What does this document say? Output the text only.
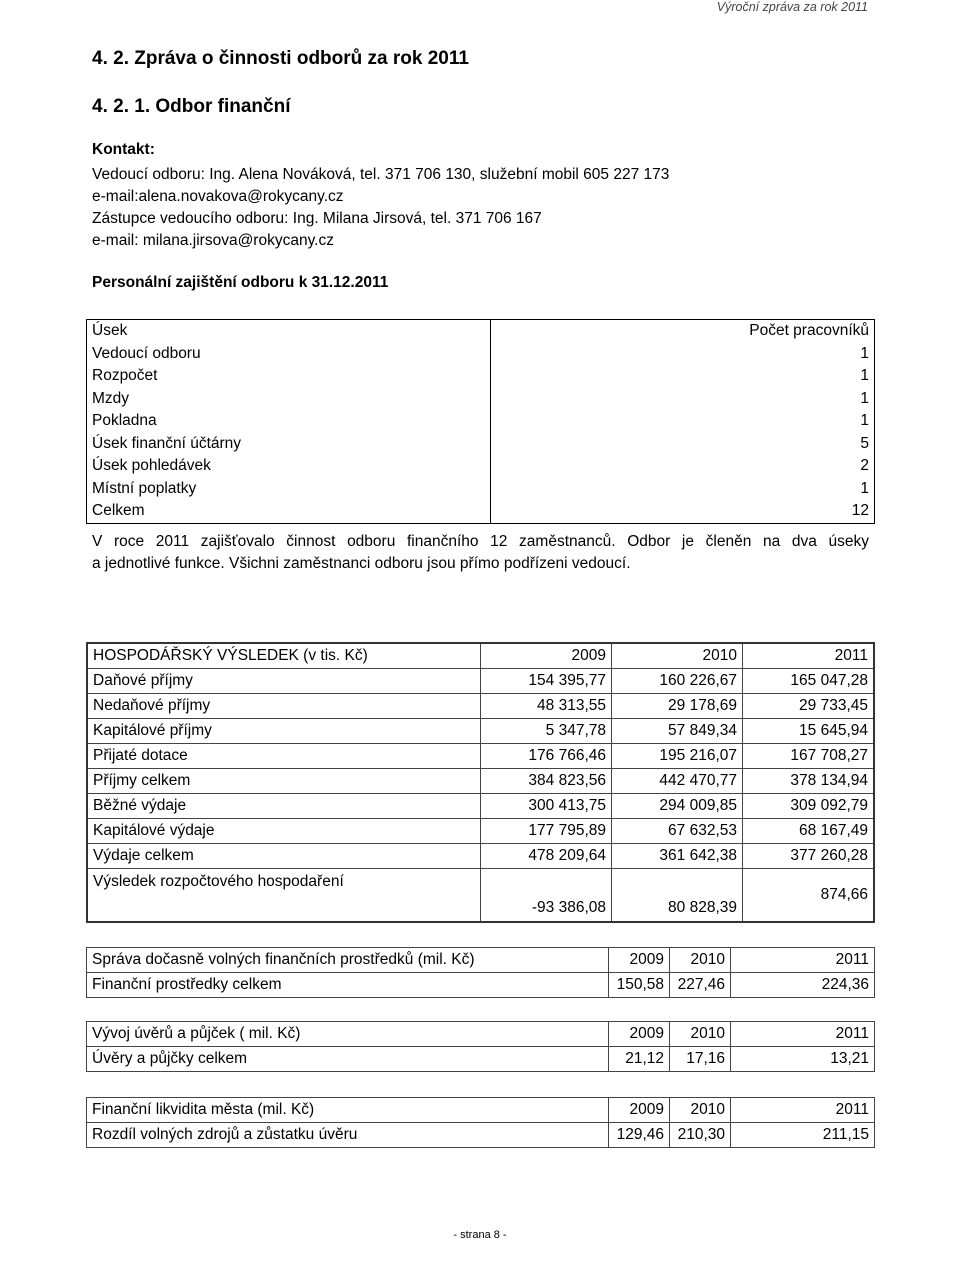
Výroční zpráva za rok 2011
4. 2. Zpráva o činnosti odborů za rok 2011
4. 2. 1. Odbor finanční
Kontakt:
Vedoucí odboru: Ing. Alena Nováková, tel. 371 706 130, služební mobil 605 227 173
e-mail:alena.novakova@rokycany.cz
Zástupce vedoucího odboru: Ing. Milana Jirsová, tel. 371 706 167
e-mail: milana.jirsova@rokycany.cz
Personální zajištění odboru k 31.12.2011
Úsek	Počet pracovníků
Vedoucí odboru	1
Rozpočet	1
Mzdy	1
Pokladna	1
Úsek finanční účtárny	5
Úsek pohledávek	2
Místní poplatky	1
Celkem	12
V roce 2011 zajišťovalo činnost odboru finančního 12 zaměstnanců. Odbor je členěn na dva úseky
a jednotlivé funkce. Všichni zaměstnanci odboru jsou přímo podřízeni vedoucí.
HOSPODÁŘSKÝ VÝSLEDEK (v tis. Kč)	2009	2010	2011
Daňové příjmy	154 395,77	160 226,67	165 047,28
Nedaňové příjmy	48 313,55	29 178,69	29 733,45
Kapitálové příjmy	5 347,78	57 849,34	15 645,94
Přijaté dotace	176 766,46	195 216,07	167 708,27
Příjmy celkem	384 823,56	442 470,77	378 134,94
Běžné výdaje	300 413,75	294 009,85	309 092,79
Kapitálové výdaje	177 795,89	67 632,53	68 167,49
Výdaje celkem	478 209,64	361 642,38	377 260,28
Výsledek rozpočtového hospodaření	-93 386,08	80 828,39	874,66
Správa dočasně volných finančních prostředků (mil. Kč)	2009	2010	2011
Finanční prostředky celkem	150,58	227,46	224,36
Vývoj úvěrů a půjček ( mil. Kč)	2009	2010	2011
Úvěry a půjčky celkem	21,12	17,16	13,21
Finanční likvidita města (mil. Kč)	2009	2010	2011
Rozdíl volných zdrojů a zůstatku úvěru	129,46	210,30	211,15
- strana 8 -
